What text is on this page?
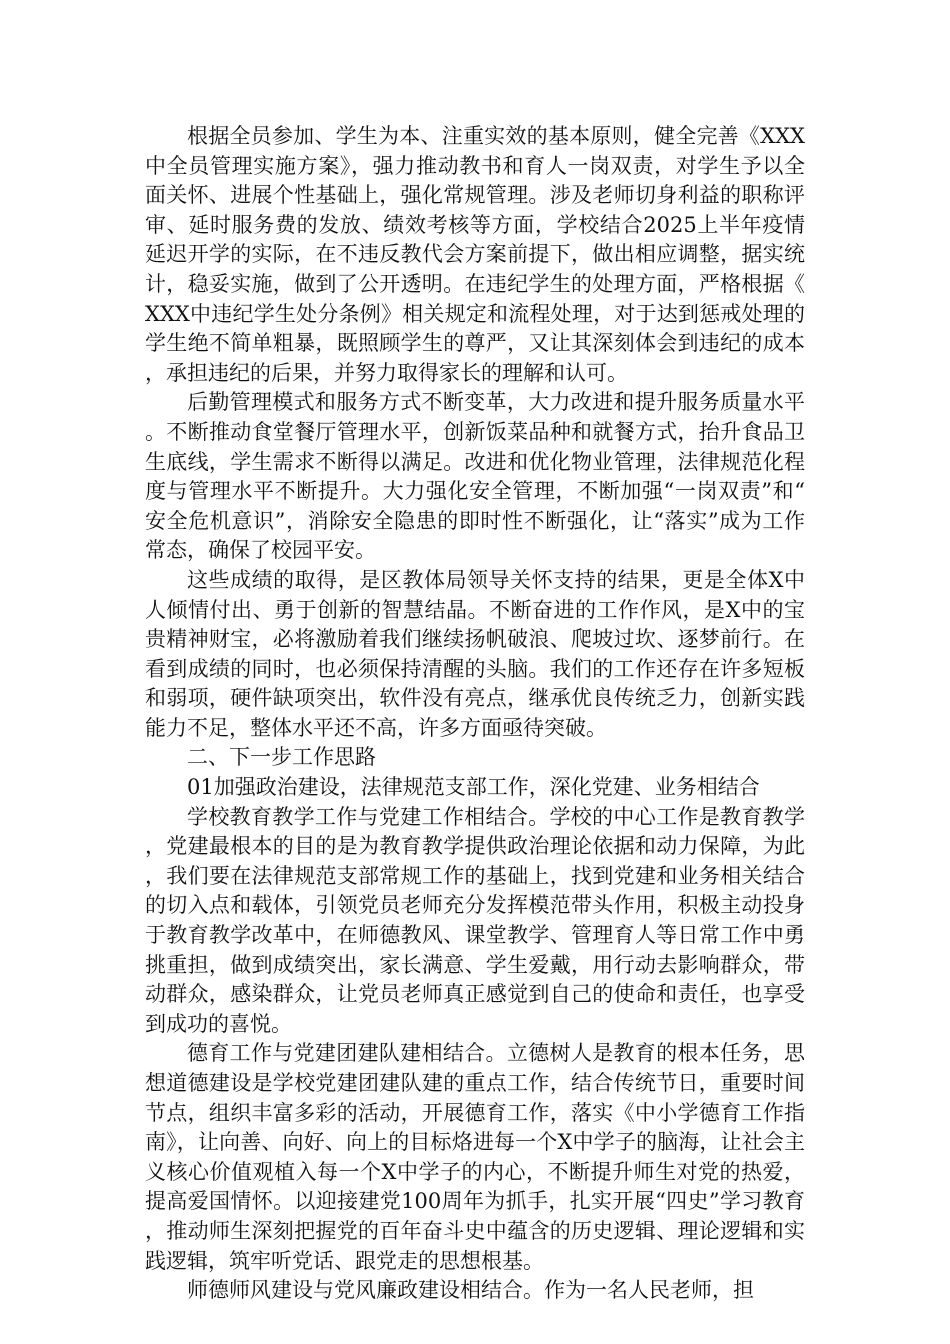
根据全员参加、学生为本、注重实效的基本原则，健全完善《XXX中全员管理实施方案》，强力推动教书和育人一岗双责，对学生予以全面关怀、进展个性基础上，强化常规管理。涉及老师切身利益的职称评审、延时服务费的发放、绩效考核等方面，学校结合2025上半年疫情延迟开学的实际，在不违反教代会方案前提下，做出相应调整，据实统计，稳妥实施，做到了公开透明。在违纪学生的处理方面，严格根据《XXX中违纪学生处分条例》相关规定和流程处理，对于达到惩戒处理的学生绝不简单粗暴，既照顾学生的尊严，又让其深刻体会到违纪的成本，承担违纪的后果，并努力取得家长的理解和认可。

后勤管理模式和服务方式不断变革，大力改进和提升服务质量水平。不断推动食堂餐厅管理水平，创新饭菜品种和就餐方式，抬升食品卫生底线，学生需求不断得以满足。改进和优化物业管理，法律规范化程度与管理水平不断提升。大力强化安全管理，不断加强“一岗双责”和“安全危机意识”，消除安全隐患的即时性不断强化，让“落实”成为工作常态，确保了校园平安。

这些成绩的取得，是区教体局领导关怀支持的结果，更是全体X中人倾情付出、勇于创新的智慧结晶。不断奋进的工作作风，是X中的宝贵精神财宝，必将激励着我们继续扬帆破浪、爬坡过坎、逐梦前行。在看到成绩的同时，也必须保持清醒的头脑。我们的工作还存在许多短板和弱项，硬件缺项突出，软件没有亮点，继承优良传统乏力，创新实践能力不足，整体水平还不高，许多方面亟待突破。

二、下一步工作思路

01加强政治建设，法律规范支部工作，深化党建、业务相结合

学校教育教学工作与党建工作相结合。学校的中心工作是教育教学，党建最根本的目的是为教育教学提供政治理论依据和动力保障，为此，我们要在法律规范支部常规工作的基础上，找到党建和业务相关结合的切入点和载体，引领党员老师充分发挥模范带头作用，积极主动投身于教育教学改革中，在师德教风、课堂教学、管理育人等日常工作中勇挑重担，做到成绩突出，家长满意、学生爱戴，用行动去影响群众，带动群众，感染群众，让党员老师真正感觉到自己的使命和责任，也享受到成功的喜悦。

德育工作与党建团建队建相结合。立德树人是教育的根本任务，思想道德建设是学校党建团建队建的重点工作，结合传统节日，重要时间节点，组织丰富多彩的活动，开展德育工作，落实《中小学德育工作指南》，让向善、向好、向上的目标烙进每一个X中学子的脑海，让社会主义核心价值观植入每一个X中学子的内心，不断提升师生对党的热爱，提高爱国情怀。以迎接建党100周年为抓手，扎实开展“四史”学习教育，推动师生深刻把握党的百年奋斗史中蕴含的历史逻辑、理论逻辑和实践逻辑，筑牢听党话、跟党走的思想根基。

师德师风建设与党风廉政建设相结合。作为一名人民老师，担
